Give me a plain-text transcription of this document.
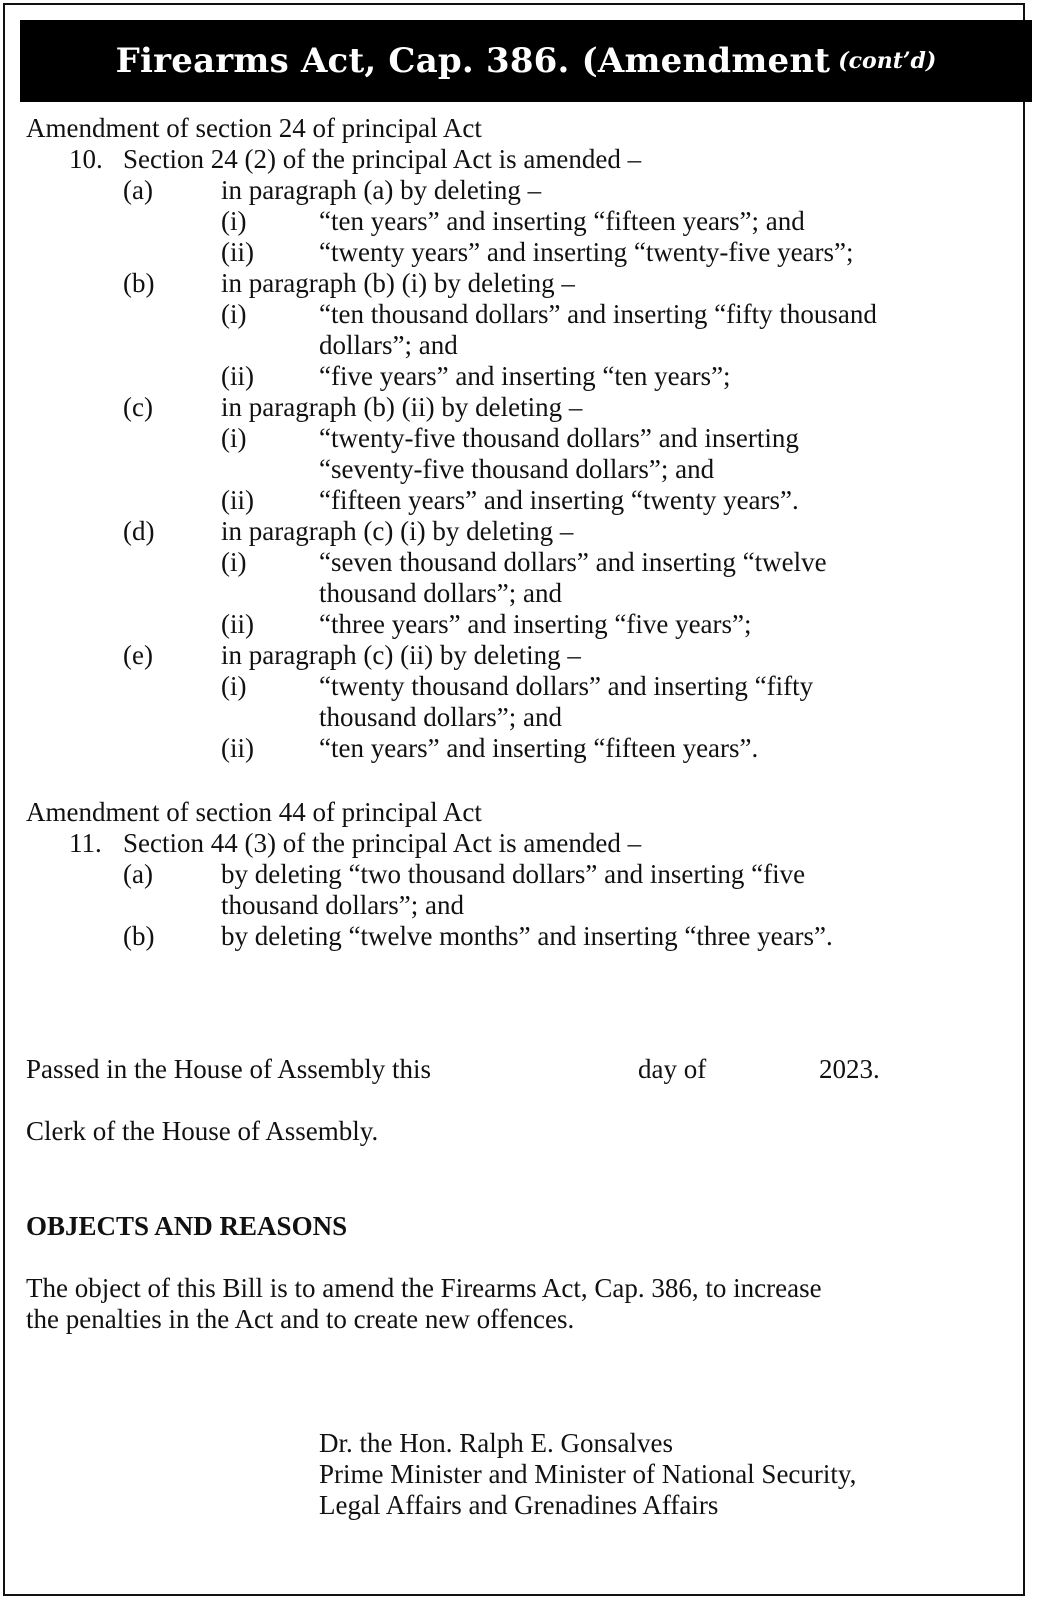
Firearms Act, Cap. 386. (Amendment (cont’d)
Amendment of section 24 of principal Act
10. Section 24 (2) of the principal Act is amended –
(a)	in paragraph (a) by deleting –
(i)	“ten years” and inserting “fifteen years”; and
(ii) “twenty years” and inserting “twenty-five years”;
(b) in paragraph (b) (i) by deleting –
(i)	“ten thousand dollars” and inserting “fifty thousand
dollars”; and
(ii) “five years” and inserting “ten years”;
(c)	in paragraph (b) (ii) by deleting –
(i)	“twenty-five thousand dollars” and inserting
“seventy-five thousand dollars”; and
(ii) “fifteen years” and inserting “twenty years”.
(d) in paragraph (c) (i) by deleting –
(i)	“seven thousand dollars” and inserting “twelve
thousand dollars”; and
(ii) “three years” and inserting “five years”;
(e)	in paragraph (c) (ii) by deleting –
(i)	“twenty thousand dollars” and inserting “fifty
thousand dollars”; and
(ii) “ten years” and inserting “fifteen years”.
Amendment of section 44 of principal Act
11. Section 44 (3) of the principal Act is amended –
(a)	by deleting “two thousand dollars” and inserting “five
thousand dollars”; and
(b) by deleting “twelve months” and inserting “three years”.
Passed in the House of Assembly this	day of	2023.
Clerk of the House of Assembly.
OBJECTS AND REASONS
The object of this Bill is to amend the Firearms Act, Cap. 386, to increase
the penalties in the Act and to create new offences.
Dr. the Hon. Ralph E. Gonsalves
Prime Minister and Minister of National Security,
Legal Affairs and Grenadines Affairs
